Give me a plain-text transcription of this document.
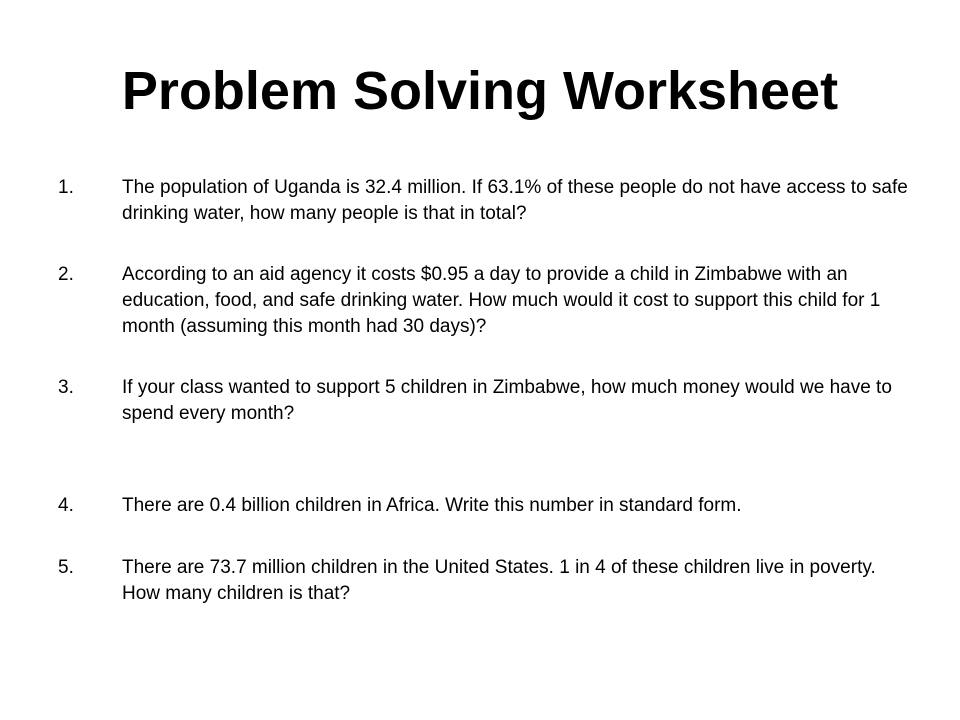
Problem Solving Worksheet
1.	The population of Uganda is 32.4 million. If 63.1% of these people do not have access to safe drinking water, how many people is that in total?
2.	According to an aid agency it costs $0.95 a day to provide a child in Zimbabwe with an education, food, and safe drinking water. How much would it cost to support this child for 1 month (assuming this month had 30 days)?
3.	If your class wanted to support 5 children in Zimbabwe, how much money would we have to spend every month?
4.	There are 0.4 billion children in Africa. Write this number in standard form.
5.	There are 73.7 million children in the United States. 1 in 4 of these children live in poverty. How many children is that?
